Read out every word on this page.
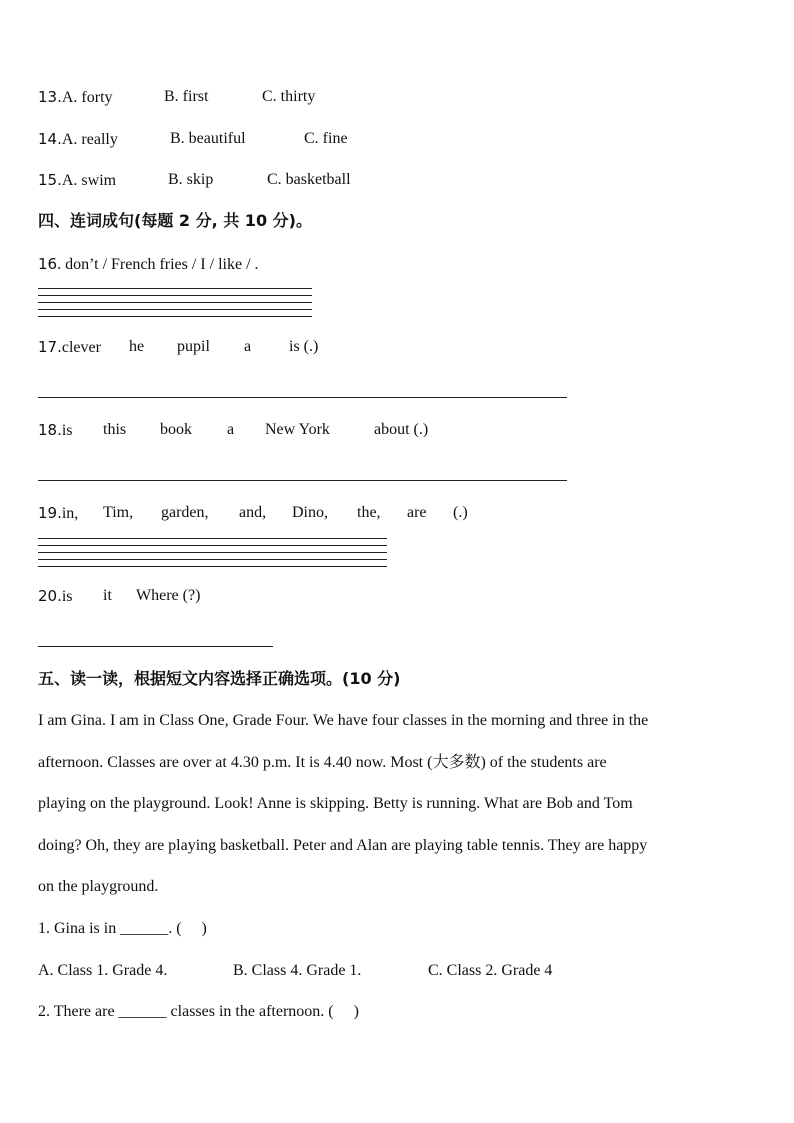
13.A. forty	B. first	C. thirty
14.A. really	B. beautiful	C. fine
15.A. swim	B. skip	C. basketball
四、连词成句(每题 2 分, 共 10 分)。
16. don’t / French fries / I / like / .
17.clever he pupil a is (.)
18.is this book a New York	about (.)
19.in, Tim, garden, and, Dino, the, are (.)
20.is it Where (?)
五、读一读，根据短文内容选择正确选项。(10 分)
I am Gina. I am in Class One, Grade Four. We have four classes in the morning and three in the
afternoon. Classes are over at 4.30 p.m. It is 4.40 now. Most (大多数) of the students are
playing on the playground. Look! Anne is skipping. Betty is running. What are Bob and Tom
doing? Oh, they are playing basketball. Peter and Alan are playing table tennis. They are happy
on the playground.
1. Gina is in ______. (     )
A. Class 1. Grade 4.	B. Class 4. Grade 1.	C. Class 2. Grade 4
2. There are ______ classes in the afternoon. (     )
